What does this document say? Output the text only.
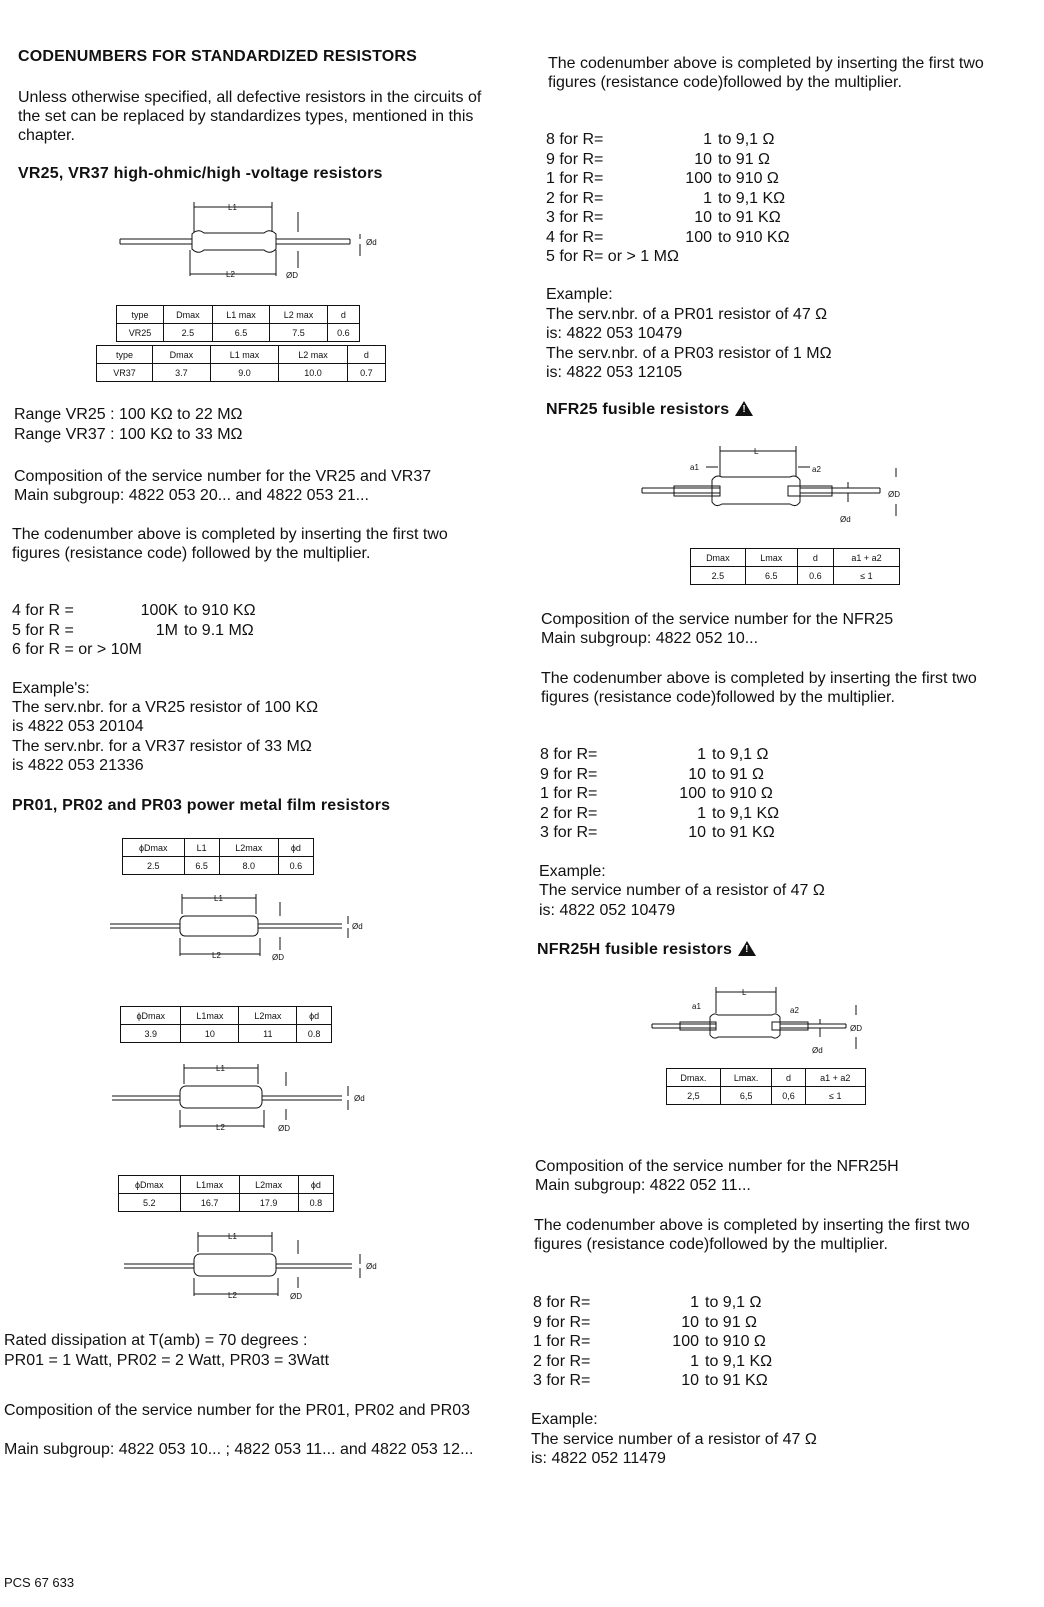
CODENUMBERS FOR STANDARDIZED RESISTORS

Unless otherwise specified, all defective resistors in the circuits of the set can be replaced by standardizes types, mentioned in this chapter.

VR25, VR37 high-ohmic/high -voltage resistors
L1
L2	ØD
Ød
type	Dmax	L1 max	L2 max	d
VR25	2.5	6.5	7.5	0.6
type	Dmax	L1 max	L2 max	d
VR37	3.7	9.0	10.0	0.7

Range VR25 : 100 KΩ to 22 MΩ

Range VR37 : 100 KΩ to 33 MΩ

Composition of the service number for the VR25 and VR37

Main subgroup: 4822 053 20... and 4822 053 21...

The codenumber above is completed by inserting the first two figures (resistance code) followed by the multiplier.

4 for R =	100K to 910 KΩ
5 for R =	1M to 9.1 MΩ
6 for R = or > 10M

Example's:

The serv.nbr. for a VR25 resistor of 100 KΩ

is 4822 053 20104

The serv.nbr. for a VR37 resistor of 33 MΩ

is 4822 053 21336

PR01, PR02 and PR03 power metal film resistors
ϕDmax	L1	L2max	ϕd
2.5	6.5	8.0	0.6
L1
L2	ØD
Ød
ϕDmax	L1max	L2max	ϕd
3.9	10	11	0.8
L1
L2	ØD
Ød
ϕDmax	L1max	L2max	ϕd
5.2	16.7	17.9	0.8
L1
L2	ØD
Ød

Rated dissipation at T(amb) = 70 degrees :

PR01 = 1 Watt, PR02 = 2 Watt, PR03 = 3Watt

Composition of the service number for the PR01, PR02 and PR03

Main subgroup: 4822 053 10... ; 4822 053 11... and 4822 053 12...

PCS 67 633

The codenumber above is completed by inserting the first two figures (resistance code)followed by the multiplier.

8 for R=	1 to 9,1 Ω
9 for R=	10 to 91 Ω
1 for R=	100 to 910 Ω
2 for R=	1 to 9,1 KΩ
3 for R=	10 to 91 KΩ
4 for R=	100 to 910 KΩ
5 for R= or > 1 MΩ

Example:

The serv.nbr. of a PR01 resistor of 47 Ω

is: 4822 053 10479

The serv.nbr. of a PR03 resistor of 1 MΩ

is: 4822 053 12105

NFR25 fusible resistors!
L
a1	a2
Ød
ØD
Dmax	Lmax	d	a1 + a2
2.5	6.5	0.6	≤ 1

Composition of the service number for the NFR25

Main subgroup: 4822 052 10...

The codenumber above is completed by inserting the first two figures (resistance code)followed by the multiplier.

8 for R=	1 to 9,1 Ω
9 for R=	10 to 91 Ω
1 for R=	100 to 910 Ω
2 for R=	1 to 9,1 KΩ
3 for R=	10 to 91 KΩ

Example:

The service number of a resistor of 47 Ω

is: 4822 052 10479

NFR25H fusible resistors!
L
a1	a2
Ød
ØD
Dmax.	Lmax.	d	a1 + a2
2,5	6,5	0,6	≤ 1

Composition of the service number for the NFR25H

Main subgroup: 4822 052 11...

The codenumber above is completed by inserting the first two figures (resistance code)followed by the multiplier.

8 for R=	1 to 9,1 Ω
9 for R=	10 to 91 Ω
1 for R=	100 to 910 Ω
2 for R=	1 to 9,1 KΩ
3 for R=	10 to 91 KΩ

Example:

The service number of a resistor of 47 Ω

is: 4822 052 11479
